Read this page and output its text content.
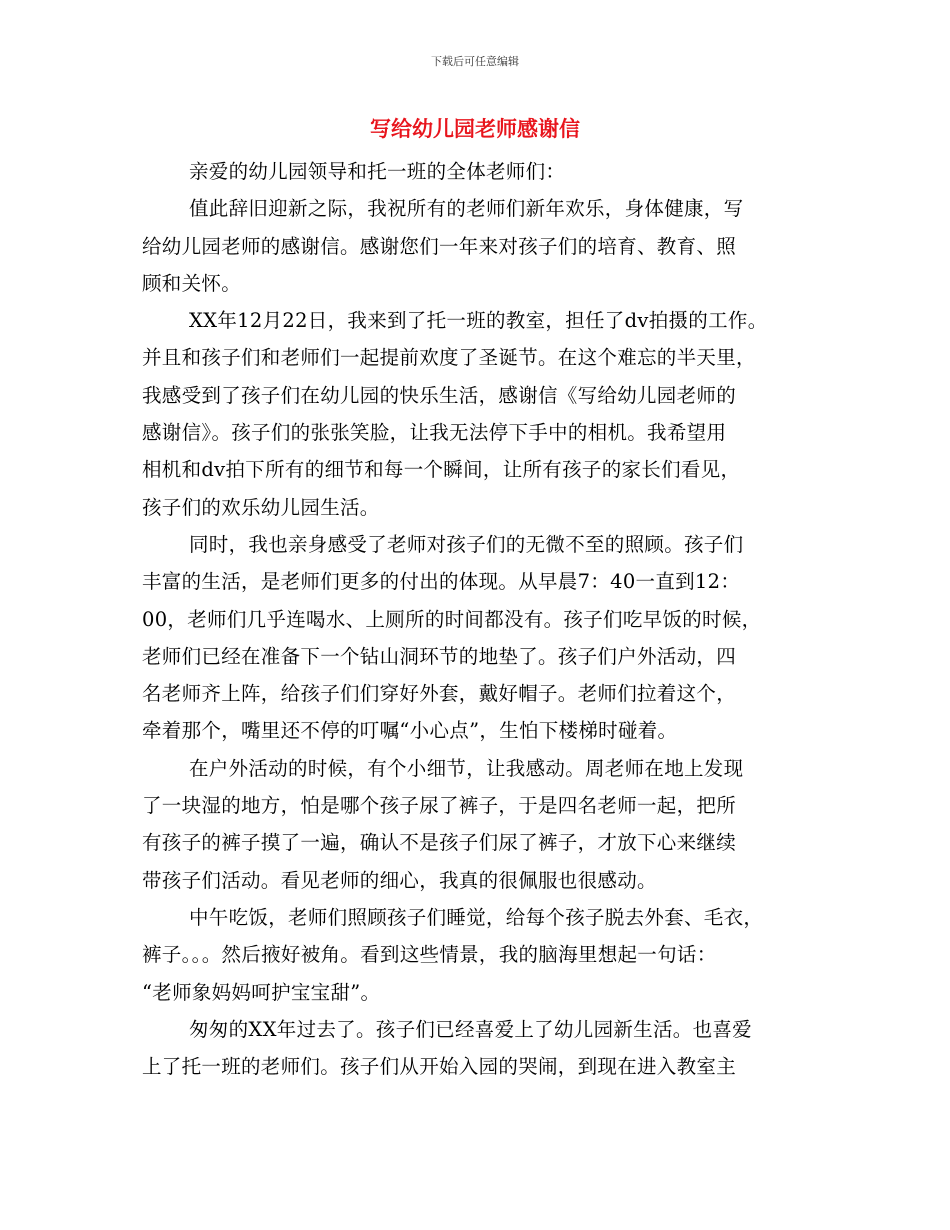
下载后可任意编辑
写给幼儿园老师感谢信
亲爱的幼儿园领导和托一班的全体老师们：
值此辞旧迎新之际，我祝所有的老师们新年欢乐，身体健康，写
给幼儿园老师的感谢信。感谢您们一年来对孩子们的培育、教育、照
顾和关怀。
XX年12月22日，我来到了托一班的教室，担任了dv拍摄的工作。
并且和孩子们和老师们一起提前欢度了圣诞节。在这个难忘的半天里，
我感受到了孩子们在幼儿园的快乐生活，感谢信《写给幼儿园老师的
感谢信》。孩子们的张张笑脸，让我无法停下手中的相机。我希望用
相机和dv拍下所有的细节和每一个瞬间，让所有孩子的家长们看见，
孩子们的欢乐幼儿园生活。
同时，我也亲身感受了老师对孩子们的无微不至的照顾。孩子们
丰富的生活，是老师们更多的付出的体现。从早晨7：40一直到12：
00，老师们几乎连喝水、上厕所的时间都没有。孩子们吃早饭的时候，
老师们已经在准备下一个钻山洞环节的地垫了。孩子们户外活动，四
名老师齐上阵，给孩子们们穿好外套，戴好帽子。老师们拉着这个，
牵着那个，嘴里还不停的叮嘱“小心点”，生怕下楼梯时碰着。
在户外活动的时候，有个小细节，让我感动。周老师在地上发现
了一块湿的地方，怕是哪个孩子尿了裤子，于是四名老师一起，把所
有孩子的裤子摸了一遍，确认不是孩子们尿了裤子，才放下心来继续
带孩子们活动。看见老师的细心，我真的很佩服也很感动。
中午吃饭，老师们照顾孩子们睡觉，给每个孩子脱去外套、毛衣，
裤子。。。然后掖好被角。看到这些情景，我的脑海里想起一句话：
“老师象妈妈呵护宝宝甜”。
匆匆的XX年过去了。孩子们已经喜爱上了幼儿园新生活。也喜爱
上了托一班的老师们。孩子们从开始入园的哭闹，到现在进入教室主
